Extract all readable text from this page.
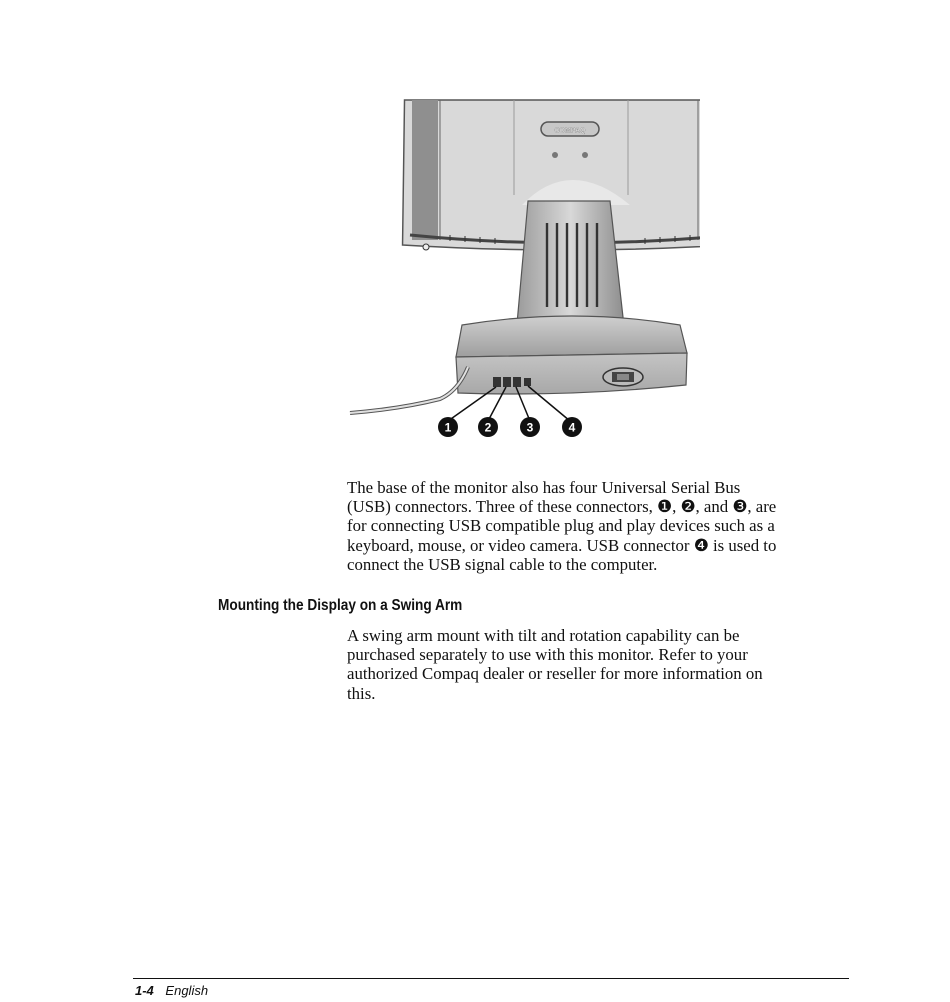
COMPAQ
1	2	3	4
The base of the monitor also has four Universal Serial Bus
(USB) connectors. Three of these connectors, ❶, ❷, and ❸, are
for connecting USB compatible plug and play devices such as a
keyboard, mouse, or video camera. USB connector ❹ is used to
connect the USB signal cable to the computer.
Mounting the Display on a Swing Arm
A swing arm mount with tilt and rotation capability can be
purchased separately to use with this monitor. Refer to your
authorized Compaq dealer or reseller for more information on
this.
1-4 English
